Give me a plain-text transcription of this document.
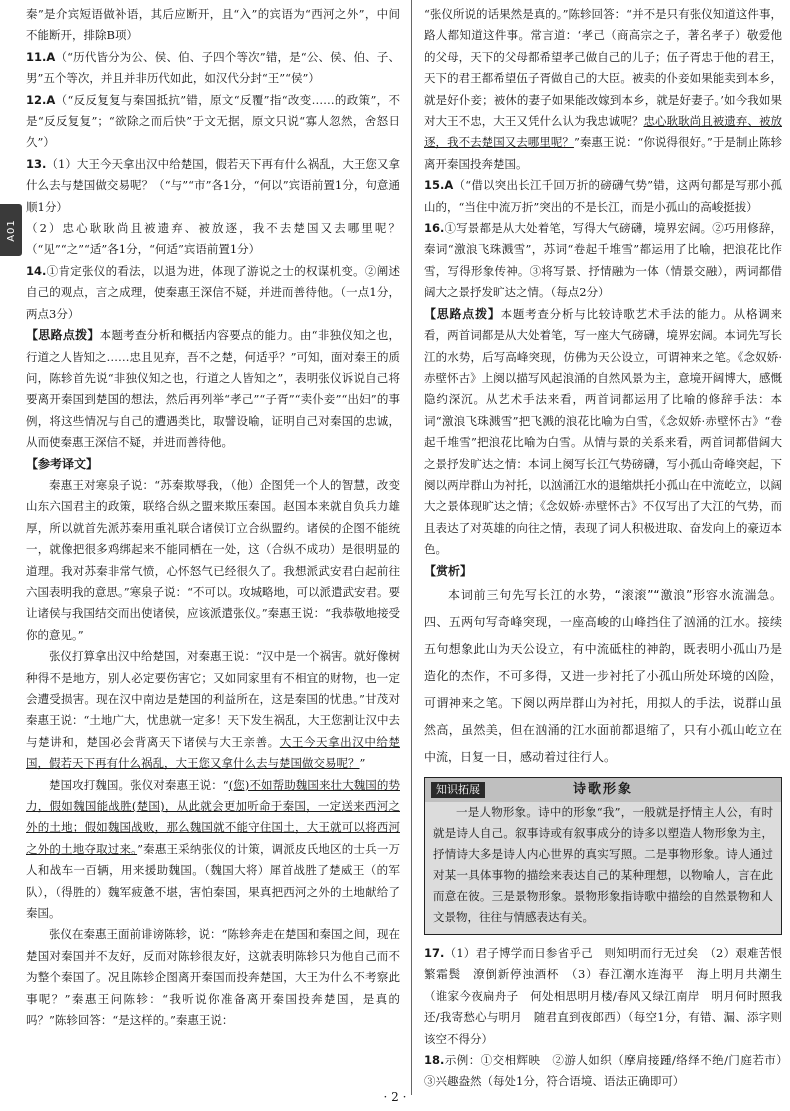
A01

秦”是介宾短语做补语，其后应断开，且“入”的宾语为“西河之外”，中间不能断开，排除B项）

11.A（“历代皆分为公、侯、伯、子四个等次”错，是“公、侯、伯、子、男”五个等次，并且并非历代如此，如汉代分封“王”“侯”）

12.A（“反反复复与秦国抵抗”错，原文“反覆”指“改变……的政策”，不是“反反复复”；“欲除之而后快”于文无据，原文只说“寡人忽然，舍怒日久”）

13.（1）大王今天拿出汉中给楚国，假若天下再有什么祸乱，大王您又拿什么去与楚国做交易呢？（“与”“市”各1分，“何以”宾语前置1分，句意通顺1分）

（2）忠心耿耿尚且被遗弃、被放逐，我不去楚国又去哪里呢？（“见”“之”“适”各1分，“何适”宾语前置1分）

14.①肯定张仪的看法，以退为进，体现了游说之士的权谋机变。②阐述自己的观点，言之成理，使秦惠王深信不疑，并进而善待他。（一点1分，两点3分）

【思路点拨】本题考查分析和概括内容要点的能力。由“非独仪知之也，行道之人皆知之……忠且见弃，吾不之楚，何适乎？”可知，面对秦王的质问，陈轸首先说“非独仪知之也，行道之人皆知之”，表明张仪诉说自己将要离开秦国到楚国的想法，然后再列举“孝己”“子胥”“卖仆妾”“出妇”的事例，将这些情况与自己的遭遇类比，取譬设喻，证明自己对秦国的忠诚，从而使秦惠王深信不疑，并进而善待他。

【参考译文】

秦惠王对寒泉子说：“苏秦欺辱我，（他）企图凭一个人的智慧，改变山东六国君主的政策，联络合纵之盟来欺压秦国。赵国本来就自负兵力雄厚，所以就首先派苏秦用重礼联合诸侯订立合纵盟约。诸侯的企图不能统一，就像把很多鸡绑起来不能同栖在一处，这（合纵不成功）是很明显的道理。我对苏秦非常气愤，心怀怒气已经很久了。我想派武安君白起前往六国表明我的意思。”寒泉子说：“不可以。攻城略地，可以派遣武安君。要让诸侯与我国结交而出使诸侯，应该派遣张仪。”秦惠王说：“我恭敬地接受你的意见。”

张仪打算拿出汉中给楚国，对秦惠王说：“汉中是一个祸害。就好像树种得不是地方，别人必定要伤害它；又如同家里有不相宜的财物，也一定会遭受损害。现在汉中南边是楚国的利益所在，这是秦国的忧患。”甘茂对秦惠王说：“土地广大，忧患就一定多！天下发生祸乱，大王您割让汉中去与楚讲和，楚国必会背离天下诸侯与大王亲善。大王今天拿出汉中给楚国，假若天下再有什么祸乱，大王您又拿什么去与楚国做交易呢？”

楚国攻打魏国。张仪对秦惠王说：“(您)不如帮助魏国来壮大魏国的势力，假如魏国能战胜(楚国)，从此就会更加听命于秦国，一定送来西河之外的土地；假如魏国战败，那么魏国就不能守住国土，大王就可以将西河之外的土地夺取过来。”秦惠王采纳张仪的计策，调派皮氏地区的士兵一万人和战车一百辆，用来援助魏国。（魏国大将）犀首战胜了楚威王（的军队），（得胜的）魏军疲惫不堪，害怕秦国，果真把西河之外的土地献给了秦国。

张仪在秦惠王面前诽谤陈轸，说：“陈轸奔走在楚国和秦国之间，现在楚国对秦国并不友好，反而对陈轸很友好，这就表明陈轸只为他自己而不为整个秦国了。况且陈轸企图离开秦国而投奔楚国，大王为什么不考察此事呢？”秦惠王问陈轸：“我听说你准备离开秦国投奔楚国，是真的吗？”陈轸回答：“是这样的。”秦惠王说：

“张仪所说的话果然是真的。”陈轸回答：“并不是只有张仪知道这件事，路人都知道这件事。常言道：‘孝己（商高宗之子，著名孝子）敬爱他的父母，天下的父母都希望孝己做自己的儿子；伍子胥忠于他的君王，天下的君王都希望伍子胥做自己的大臣。被卖的仆妾如果能卖到本乡，就是好仆妾；被休的妻子如果能改嫁到本乡，就是好妻子。’如今我如果对大王不忠，大王又凭什么认为我忠诚呢？忠心耿耿尚且被遗弃、被放逐，我不去楚国又去哪里呢？”秦惠王说：“你说得很好。”于是制止陈轸离开秦国投奔楚国。

15.A（“借以突出长江千回万折的磅礴气势”错，这两句都是写那小孤山的，“当住中流万折”突出的不是长江，而是小孤山的高峻挺拔）

16.①写景都是从大处着笔，写得大气磅礴，境界宏阔。②巧用修辞，秦词“激浪飞珠溅雪”，苏词“卷起千堆雪”都运用了比喻，把浪花比作雪，写得形象传神。③将写景、抒情融为一体（情景交融），两词都借阔大之景抒发旷达之情。（每点2分）

【思路点拨】本题考查分析与比较诗歌艺术手法的能力。从格调来看，两首词都是从大处着笔，写一座大气磅礴，境界宏阔。本词先写长江的水势，后写高峰突现，仿佛为天公设立，可谓神来之笔。《念奴娇·赤壁怀古》上阕以描写风起浪涌的自然风景为主，意境开阔博大，感慨隐约深沉。从艺术手法来看，两首词都运用了比喻的修辞手法：本词“激浪飞珠溅雪”把飞溅的浪花比喻为白雪，《念奴娇·赤壁怀古》“卷起千堆雪”把浪花比喻为白雪。从情与景的关系来看，两首词都借阔大之景抒发旷达之情：本词上阕写长江气势磅礴，写小孤山奇峰突起，下阕以两岸群山为衬托，以汹涌江水的退缩烘托小孤山在中流屹立，以阔大之景体现旷达之情；《念奴娇·赤壁怀古》不仅写出了大江的气势，而且表达了对英雄的向往之情，表现了词人积极进取、奋发向上的豪迈本色。

【赏析】

本词前三句先写长江的水势，“滚滚”“激浪”形容水流湍急。四、五两句写奇峰突现，一座高峻的山峰挡住了汹涌的江水。接续五句想象此山为天公设立，有中流砥柱的神韵，既表明小孤山乃是造化的杰作，不可多得，又进一步衬托了小孤山所处环境的凶险，可谓神来之笔。下阕以两岸群山为衬托，用拟人的手法，说群山虽然高，虽然美，但在汹涌的江水面前都退缩了，只有小孤山屹立在中流，日复一日，感动着过往行人。

知识拓展	诗歌形象

一是人物形象。诗中的形象“我”，一般就是抒情主人公，有时就是诗人自己。叙事诗或有叙事成分的诗多以塑造人物形象为主，抒情诗大多是诗人内心世界的真实写照。二是事物形象。诗人通过对某一具体事物的描绘来表达自己的某种理想，以物喻人，言在此而意在彼。三是景物形象。景物形象指诗歌中描绘的自然景物和人文景物，往往与情感表达有关。

17.（1）君子博学而日参省乎己　则知明而行无过矣　（2）艰难苦恨繁霜鬓　潦倒新停浊酒杯　（3）春江潮水连海平　海上明月共潮生（谁家今夜扁舟子　何处相思明月楼/春风又绿江南岸　明月何时照我还/我寄愁心与明月　随君直到夜郎西）（每空1分，有错、漏、添字则该空不得分）

18.示例：①交相辉映　②游人如织（摩肩接踵/络绎不绝/门庭若市）　③兴趣盎然（每处1分，符合语境、语法正确即可）

· 2 ·
